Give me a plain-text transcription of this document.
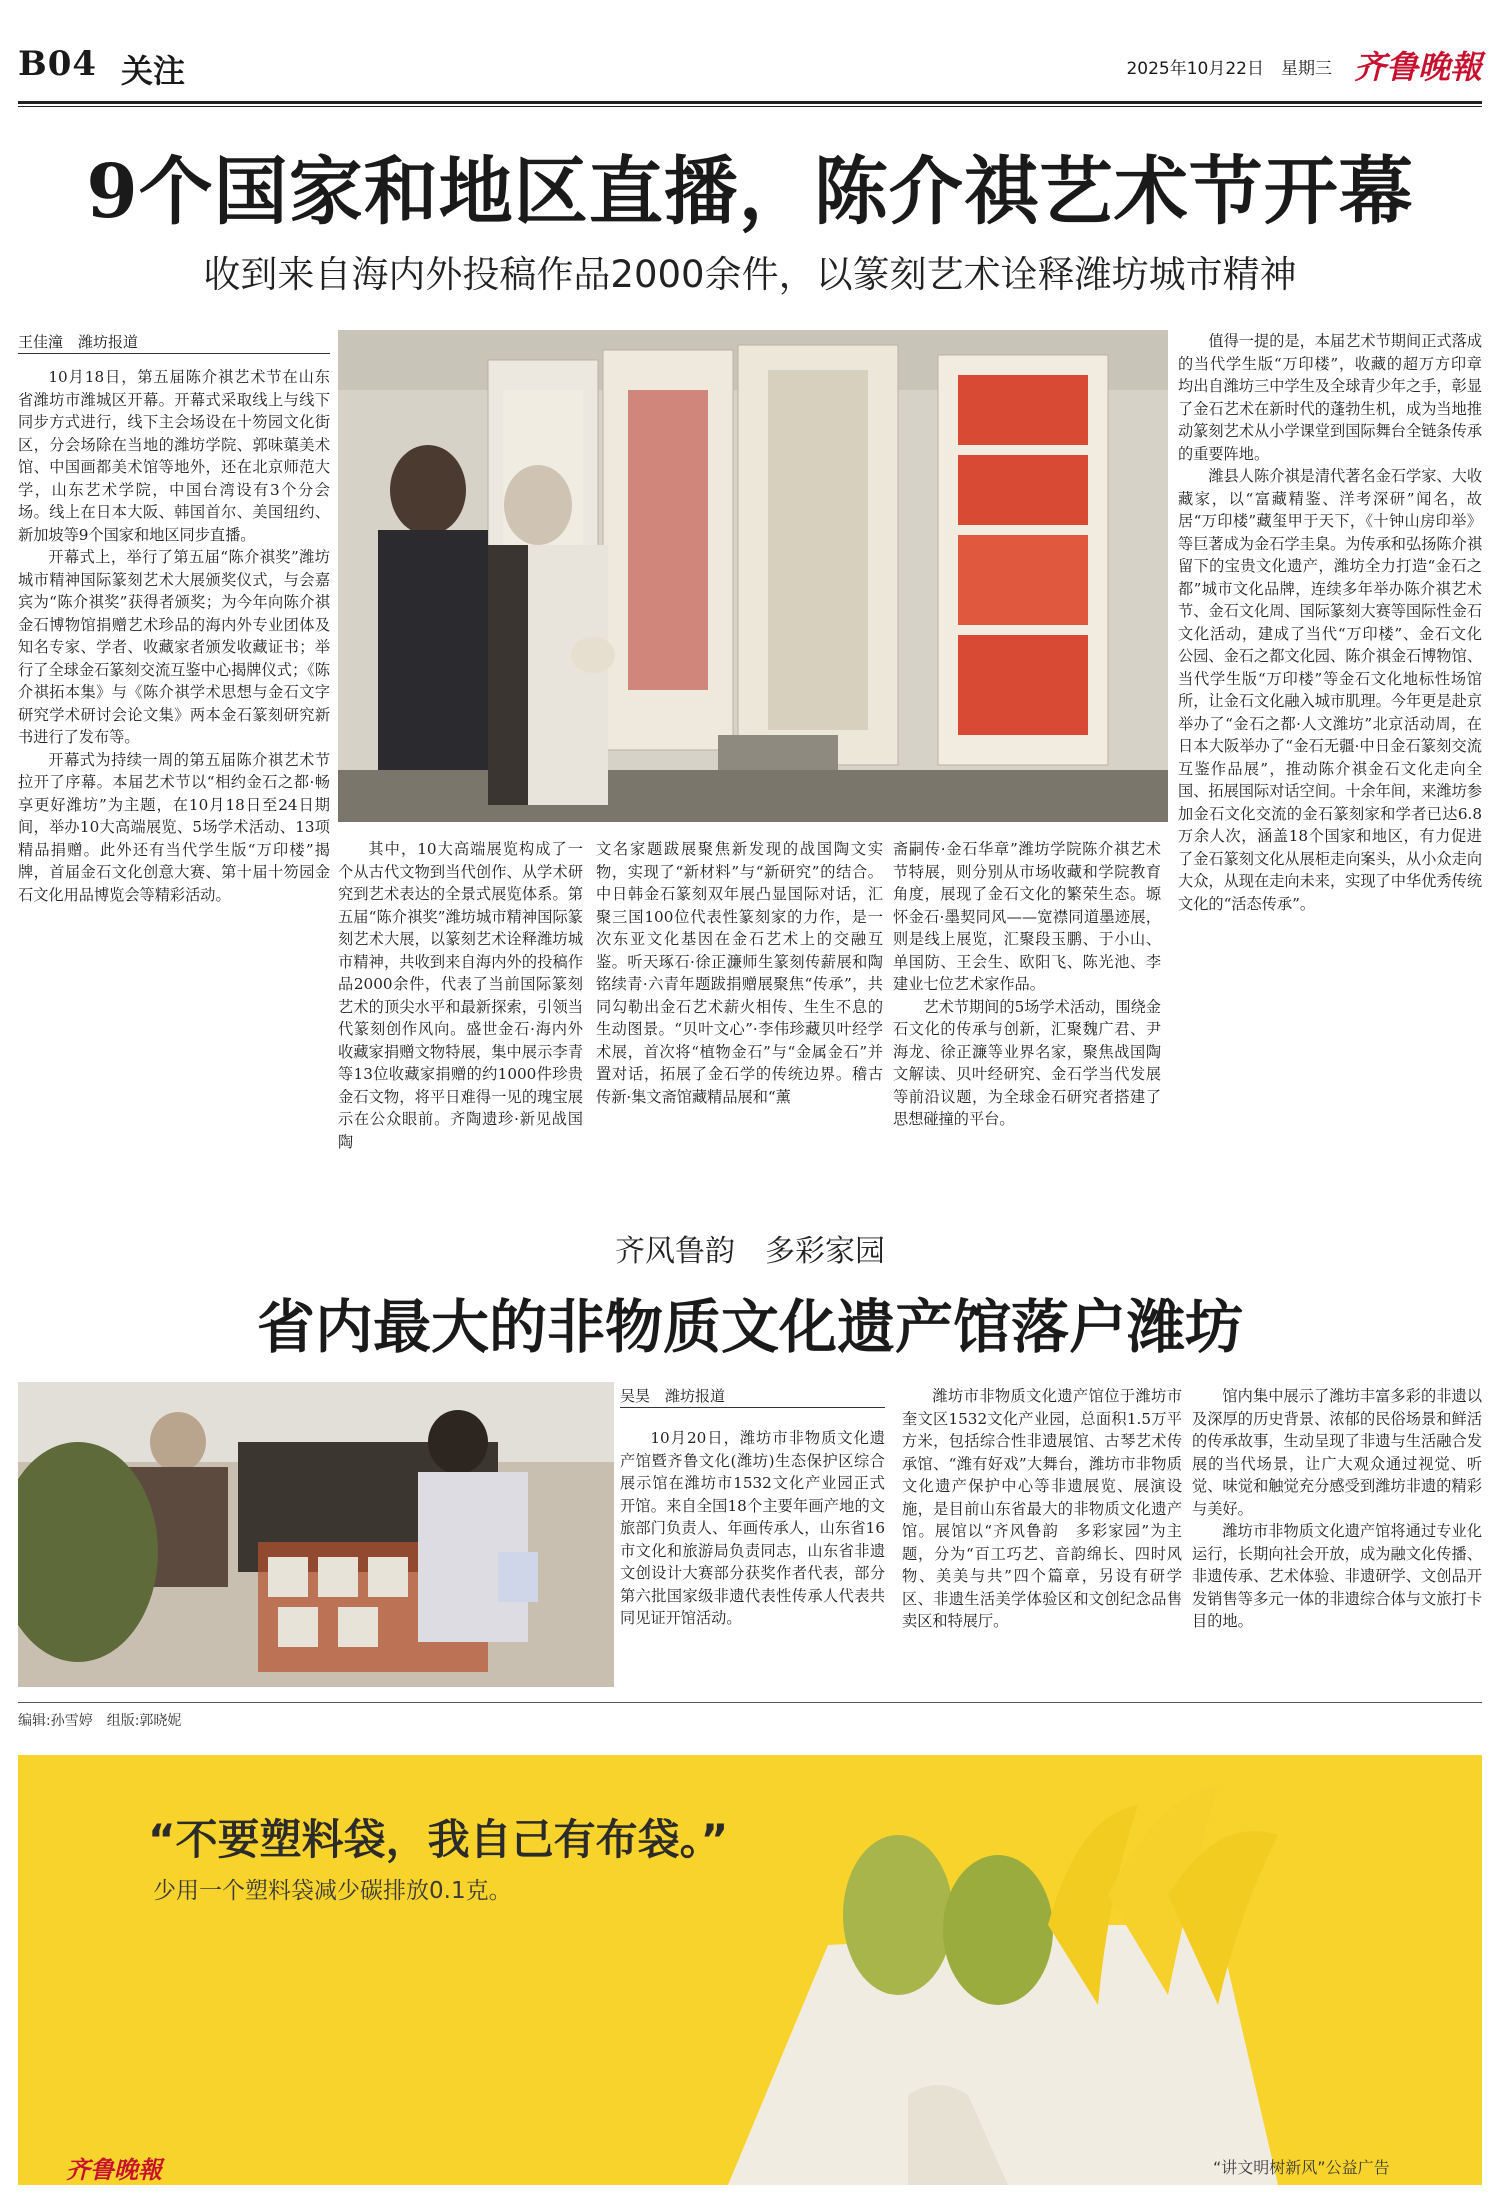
B04 关注	2025年10月22日　星期三 齐鲁晚報
9个国家和地区直播，陈介祺艺术节开幕
收到来自海内外投稿作品2000余件，以篆刻艺术诠释潍坊城市精神
王佳潼　潍坊报道

10月18日，第五届陈介祺艺术节在山东省潍坊市潍城区开幕。开幕式采取线上与线下同步方式进行，线下主会场设在十笏园文化街区，分会场除在当地的潍坊学院、郭味蕖美术馆、中国画都美术馆等地外，还在北京师范大学，山东艺术学院，中国台湾设有3个分会场。线上在日本大阪、韩国首尔、美国纽约、新加坡等9个国家和地区同步直播。

开幕式上，举行了第五届“陈介祺奖”潍坊城市精神国际篆刻艺术大展颁奖仪式，与会嘉宾为“陈介祺奖”获得者颁奖；为今年向陈介祺金石博物馆捐赠艺术珍品的海内外专业团体及知名专家、学者、收藏家者颁发收藏证书；举行了全球金石篆刻交流互鉴中心揭牌仪式；《陈介祺拓本集》与《陈介祺学术思想与金石文字研究学术研讨会论文集》两本金石篆刻研究新书进行了发布等。

开幕式为持续一周的第五届陈介祺艺术节拉开了序幕。本届艺术节以“相约金石之都·畅享更好潍坊”为主题，在10月18日至24日期间，举办10大高端展览、5场学术活动、13项精品捐赠。此外还有当代学生版“万印楼”揭牌，首届金石文化创意大赛、第十届十笏园金石文化用品博览会等精彩活动。

其中，10大高端展览构成了一个从古代文物到当代创作、从学术研究到艺术表达的全景式展览体系。第五届“陈介祺奖”潍坊城市精神国际篆刻艺术大展，以篆刻艺术诠释潍坊城市精神，共收到来自海内外的投稿作品2000余件，代表了当前国际篆刻艺术的顶尖水平和最新探索，引领当代篆刻创作风向。盛世金石·海内外收藏家捐赠文物特展，集中展示李青等13位收藏家捐赠的约1000件珍贵金石文物，将平日难得一见的瑰宝展示在公众眼前。齐陶遗珍·新见战国陶

文名家题跋展聚焦新发现的战国陶文实物，实现了“新材料”与“新研究”的结合。中日韩金石篆刻双年展凸显国际对话，汇聚三国100位代表性篆刻家的力作，是一次东亚文化基因在金石艺术上的交融互鉴。听天琢石·徐正濂师生篆刻传薪展和陶铭续青·六青年题跋捐赠展聚焦“传承”，共同勾勒出金石艺术薪火相传、生生不息的生动图景。“贝叶文心”·李伟珍藏贝叶经学术展，首次将“植物金石”与“金属金石”并置对话，拓展了金石学的传统边界。稽古传新·集文斋馆藏精品展和“薰

斋嗣传·金石华章”潍坊学院陈介祺艺术节特展，则分别从市场收藏和学院教育角度，展现了金石文化的繁荣生态。塬怀金石·墨契同风——宽襟同道墨迹展，则是线上展览，汇聚段玉鹏、于小山、单国防、王会生、欧阳飞、陈光池、李建业七位艺术家作品。

艺术节期间的5场学术活动，围绕金石文化的传承与创新，汇聚魏广君、尹海龙、徐正濂等业界名家，聚焦战国陶文解读、贝叶经研究、金石学当代发展等前沿议题，为全球金石研究者搭建了思想碰撞的平台。

值得一提的是，本届艺术节期间正式落成的当代学生版“万印楼”，收藏的超万方印章均出自潍坊三中学生及全球青少年之手，彰显了金石艺术在新时代的蓬勃生机，成为当地推动篆刻艺术从小学课堂到国际舞台全链条传承的重要阵地。

潍县人陈介祺是清代著名金石学家、大收藏家，以“富藏精鉴、洋考深研”闻名，故居“万印楼”藏玺甲于天下，《十钟山房印举》等巨著成为金石学圭臬。为传承和弘扬陈介祺留下的宝贵文化遗产，潍坊全力打造“金石之都”城市文化品牌，连续多年举办陈介祺艺术节、金石文化周、国际篆刻大赛等国际性金石文化活动，建成了当代“万印楼”、金石文化公园、金石之都文化园、陈介祺金石博物馆、当代学生版“万印楼”等金石文化地标性场馆所，让金石文化融入城市肌理。今年更是赴京举办了“金石之都·人文潍坊”北京活动周，在日本大阪举办了“金石无疆·中日金石篆刻交流互鉴作品展”，推动陈介祺金石文化走向全国、拓展国际对话空间。十余年间，来潍坊参加金石文化交流的金石篆刻家和学者已达6.8万余人次，涵盖18个国家和地区，有力促进了金石篆刻文化从展柜走向案头，从小众走向大众，从现在走向未来，实现了中华优秀传统文化的“活态传承”。

齐风鲁韵　多彩家园
省内最大的非物质文化遗产馆落户潍坊
吴昊　潍坊报道

10月20日，潍坊市非物质文化遗产馆暨齐鲁文化(潍坊)生态保护区综合展示馆在潍坊市1532文化产业园正式开馆。来自全国18个主要年画产地的文旅部门负责人、年画传承人，山东省16市文化和旅游局负责同志，山东省非遗文创设计大赛部分获奖作者代表，部分第六批国家级非遗代表性传承人代表共同见证开馆活动。

潍坊市非物质文化遗产馆位于潍坊市奎文区1532文化产业园，总面积1.5万平方米，包括综合性非遗展馆、古琴艺术传承馆、“潍有好戏”大舞台，潍坊市非物质文化遗产保护中心等非遗展览、展演设施，是目前山东省最大的非物质文化遗产馆。展馆以“齐风鲁韵　多彩家园”为主题，分为“百工巧艺、音韵绵长、四时风物、美美与共”四个篇章，另设有研学区、非遗生活美学体验区和文创纪念品售卖区和特展厅。

馆内集中展示了潍坊丰富多彩的非遗以及深厚的历史背景、浓郁的民俗场景和鲜活的传承故事，生动呈现了非遗与生活融合发展的当代场景，让广大观众通过视觉、听觉、味觉和触觉充分感受到潍坊非遗的精彩与美好。

潍坊市非物质文化遗产馆将通过专业化运行，长期向社会开放，成为融文化传播、非遗传承、艺术体验、非遗研学、文创品开发销售等多元一体的非遗综合体与文旅打卡目的地。

编辑:孙雪婷　组版:郭晓妮
“不要塑料袋，我自己有布袋。”
少用一个塑料袋减少碳排放0.1克。
齐鲁晚報	“讲文明树新风”公益广告
